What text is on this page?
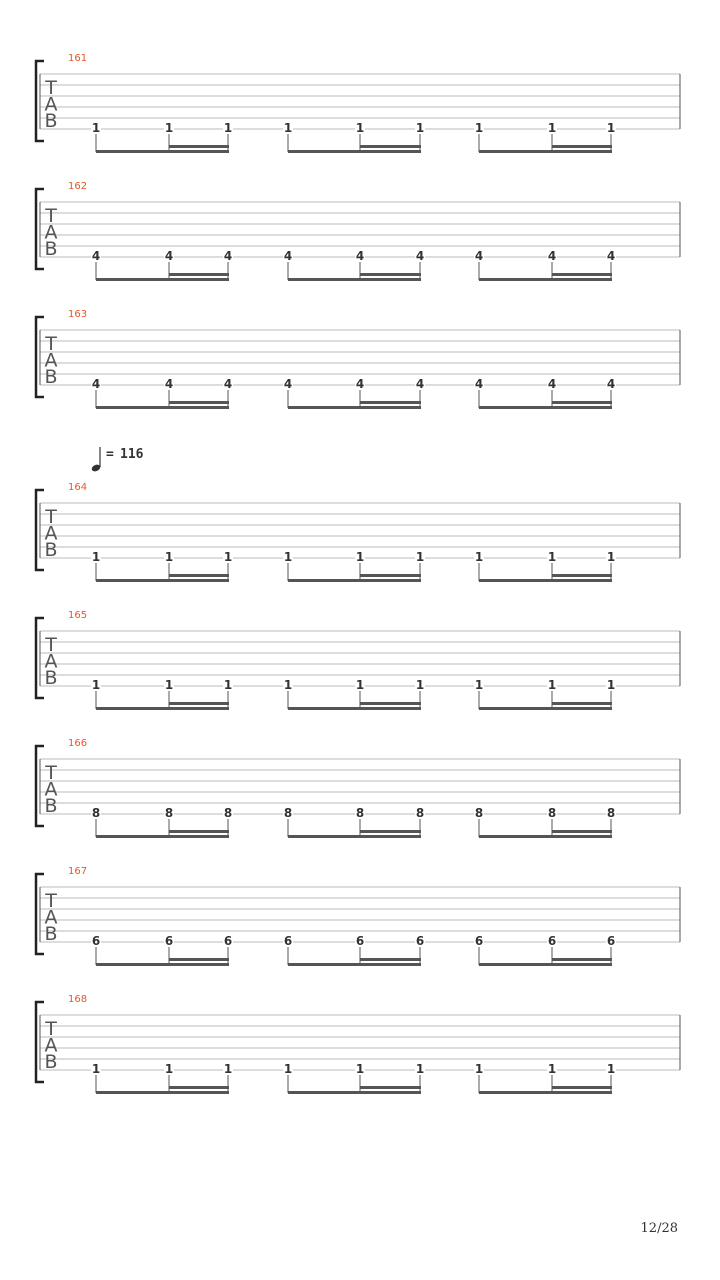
= 116
161
T
A
B	1	1	1	1	1	1	1	1	1
162
T
A
B	4	4	4	4	4	4	4	4	4
163
T
A
B	4	4	4	4	4	4	4	4	4
164
T
A
B	1	1	1	1	1	1	1	1	1
165
T
A
B	1	1	1	1	1	1	1	1	1
166
T
A
B	8	8	8	8	8	8	8	8	8
167
T
A
B	6	6	6	6	6	6	6	6	6
168
T
A
B	1	1	1	1	1	1	1	1	1
12/28
